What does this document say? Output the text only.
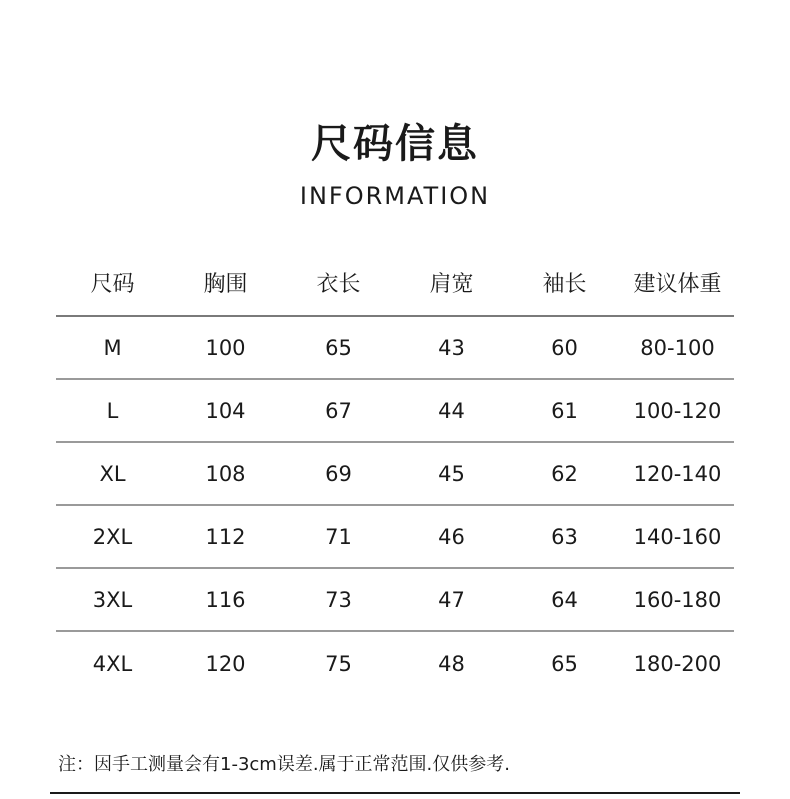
尺码信息
INFORMATION
尺码	胸围	衣长	肩宽	袖长	建议体重
M	100	65	43	60	80-100
L	104	67	44	61	100-120
XL	108	69	45	62	120-140
2XL	112	71	46	63	140-160
3XL	116	73	47	64	160-180
4XL	120	75	48	65	180-200
注：因手工测量会有1-3cm误差.属于正常范围.仅供参考.
